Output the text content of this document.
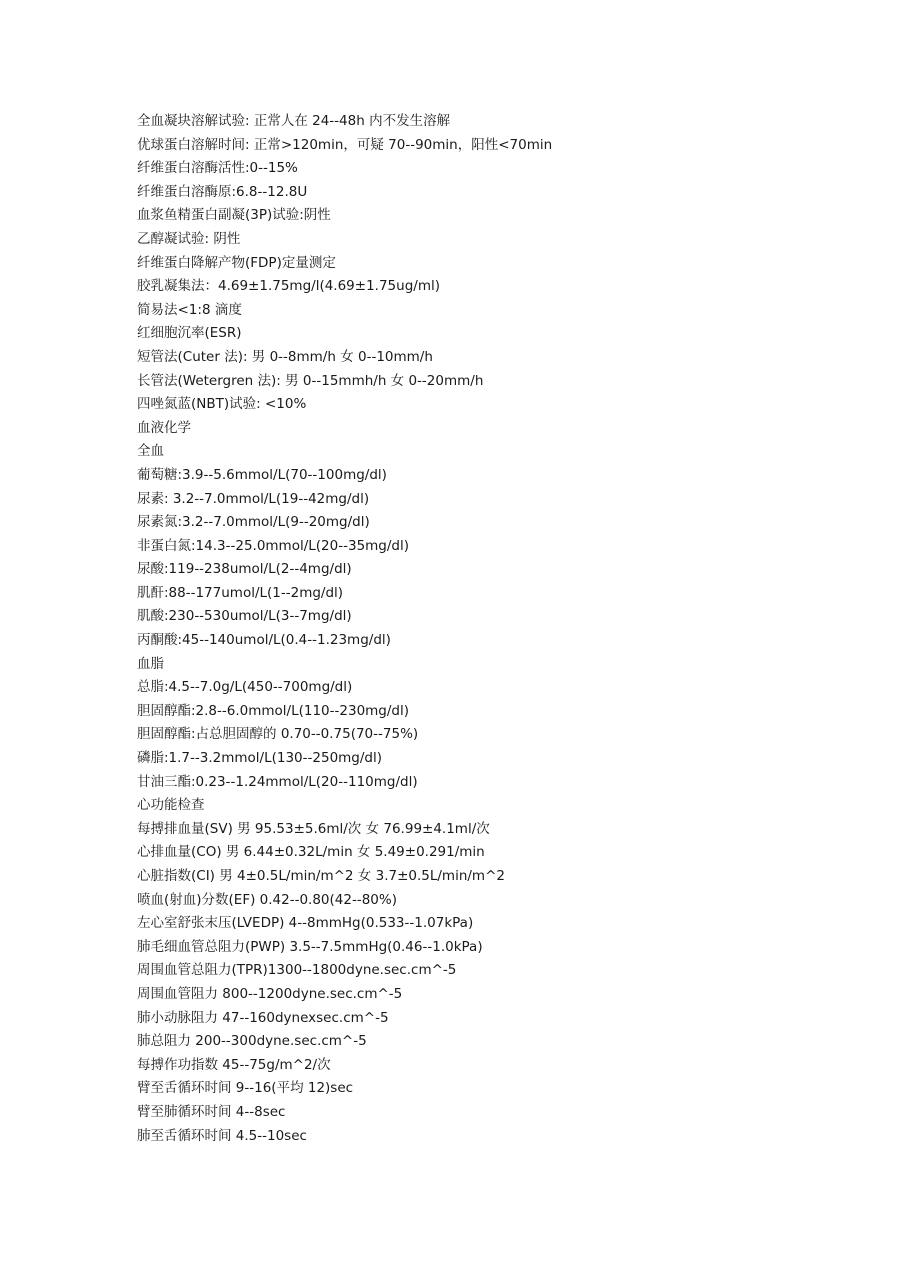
全血凝块溶解试验: 正常人在 24--48h 内不发生溶解
优球蛋白溶解时间: 正常>120min，可疑 70--90min，阳性<70min
纤维蛋白溶酶活性:0--15%
纤维蛋白溶酶原:6.8--12.8U
血浆鱼精蛋白副凝(3P)试验:阴性
乙醇凝试验: 阴性
纤维蛋白降解产物(FDP)定量测定
胶乳凝集法：4.69±1.75mg/l(4.69±1.75ug/ml)
简易法<1:8 滴度
红细胞沉率(ESR)
短管法(Cuter 法): 男 0--8mm/h 女 0--10mm/h
长管法(Wetergren 法): 男 0--15mmh/h 女 0--20mm/h
四唑氮蓝(NBT)试验: <10%
血液化学
全血
葡萄糖:3.9--5.6mmol/L(70--100mg/dl)
尿素: 3.2--7.0mmol/L(19--42mg/dl)
尿素氮:3.2--7.0mmol/L(9--20mg/dl)
非蛋白氮:14.3--25.0mmol/L(20--35mg/dl)
尿酸:119--238umol/L(2--4mg/dl)
肌酐:88--177umol/L(1--2mg/dl)
肌酸:230--530umol/L(3--7mg/dl)
丙酮酸:45--140umol/L(0.4--1.23mg/dl)
血脂
总脂:4.5--7.0g/L(450--700mg/dl)
胆固醇酯:2.8--6.0mmol/L(110--230mg/dl)
胆固醇酯:占总胆固醇的 0.70--0.75(70--75%)
磷脂:1.7--3.2mmol/L(130--250mg/dl)
甘油三酯:0.23--1.24mmol/L(20--110mg/dl)
心功能检查
每搏排血量(SV) 男 95.53±5.6ml/次 女 76.99±4.1ml/次
心排血量(CO) 男 6.44±0.32L/min 女 5.49±0.291/min
心脏指数(CI) 男 4±0.5L/min/m^2 女 3.7±0.5L/min/m^2
喷血(射血)分数(EF) 0.42--0.80(42--80%)
左心室舒张末压(LVEDP) 4--8mmHg(0.533--1.07kPa)
肺毛细血管总阻力(PWP) 3.5--7.5mmHg(0.46--1.0kPa)
周围血管总阻力(TPR)1300--1800dyne.sec.cm^-5
周围血管阻力 800--1200dyne.sec.cm^-5
肺小动脉阻力 47--160dynexsec.cm^-5
肺总阻力 200--300dyne.sec.cm^-5
每搏作功指数 45--75g/m^2/次
臂至舌循环时间 9--16(平均 12)sec
臂至肺循环时间 4--8sec
肺至舌循环时间 4.5--10sec
